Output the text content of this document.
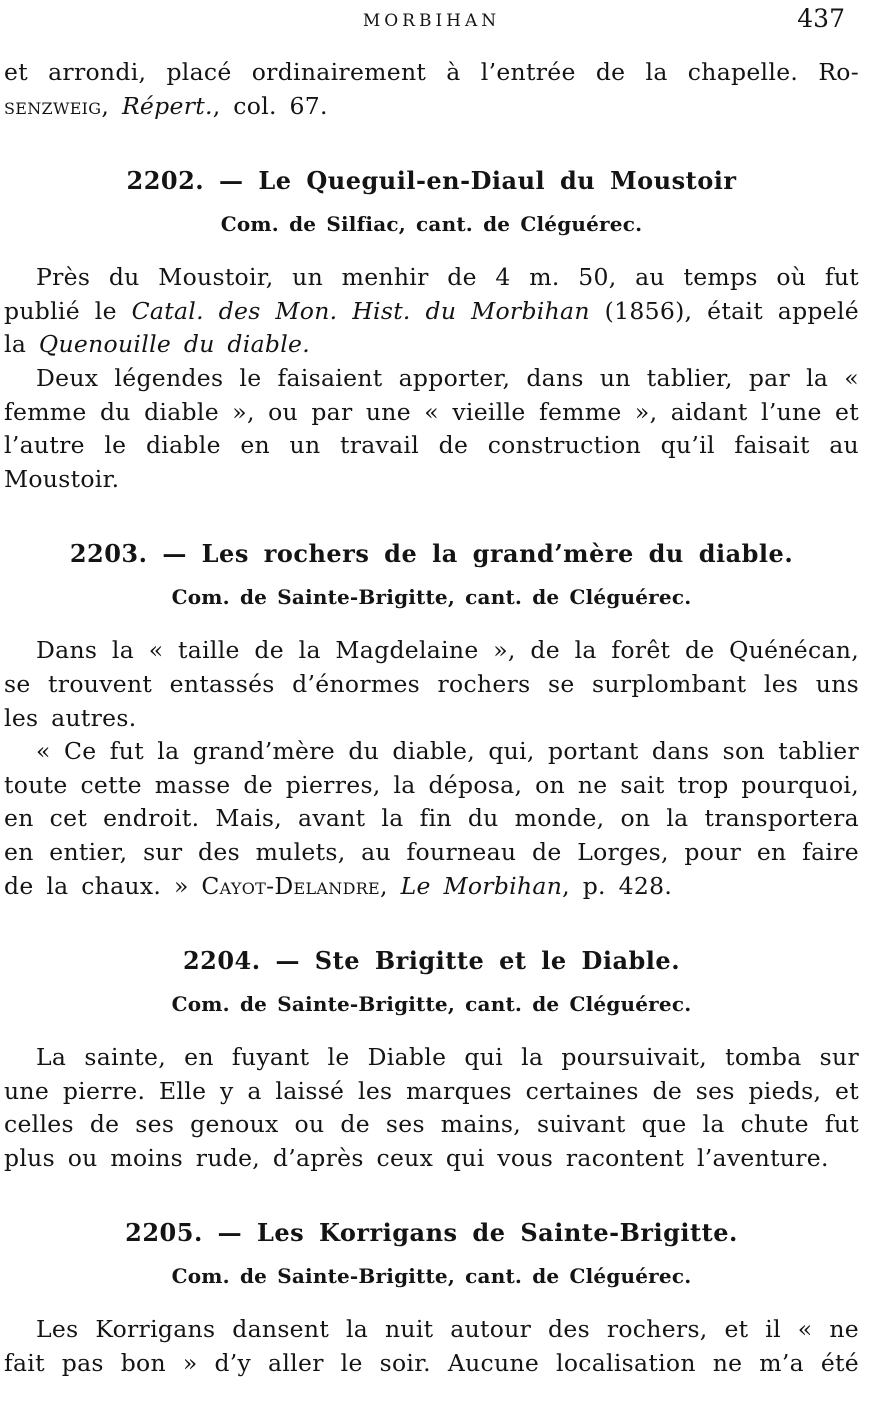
MORBIHAN	437

et arrondi, placé ordinairement à l’entrée de la chapelle. Ro-senzweig, Répert., col. 67.

2202. — Le Queguil-en-Diaul du Moustoir
Com. de Silfiac, cant. de Cléguérec.

Près du Moustoir, un menhir de 4 m. 50, au temps où fut publié le Catal. des Mon. Hist. du Morbihan (1856), était appelé la Quenouille du diable.

Deux légendes le faisaient apporter, dans un tablier, par la « femme du diable », ou par une « vieille femme », aidant l’une et l’autre le diable en un travail de construction qu’il faisait au Moustoir.

2203. — Les rochers de la grand’mère du diable.
Com. de Sainte-Brigitte, cant. de Cléguérec.

Dans la « taille de la Magdelaine », de la forêt de Quénécan, se trouvent entassés d’énormes rochers se surplombant les uns les autres.

« Ce fut la grand’mère du diable, qui, portant dans son tablier toute cette masse de pierres, la déposa, on ne sait trop pourquoi, en cet endroit. Mais, avant la fin du monde, on la transportera en entier, sur des mulets, au fourneau de Lorges, pour en faire de la chaux. » Cayot-Delandre, Le Morbihan, p. 428.

2204. — Ste Brigitte et le Diable.
Com. de Sainte-Brigitte, cant. de Cléguérec.

La sainte, en fuyant le Diable qui la poursuivait, tomba sur une pierre. Elle y a laissé les marques certaines de ses pieds, et celles de ses genoux ou de ses mains, suivant que la chute fut plus ou moins rude, d’après ceux qui vous racontent l’aventure.

2205. — Les Korrigans de Sainte-Brigitte.
Com. de Sainte-Brigitte, cant. de Cléguérec.

Les Korrigans dansent la nuit autour des rochers, et il « ne fait pas bon » d’y aller le soir. Aucune localisation ne m’a été
